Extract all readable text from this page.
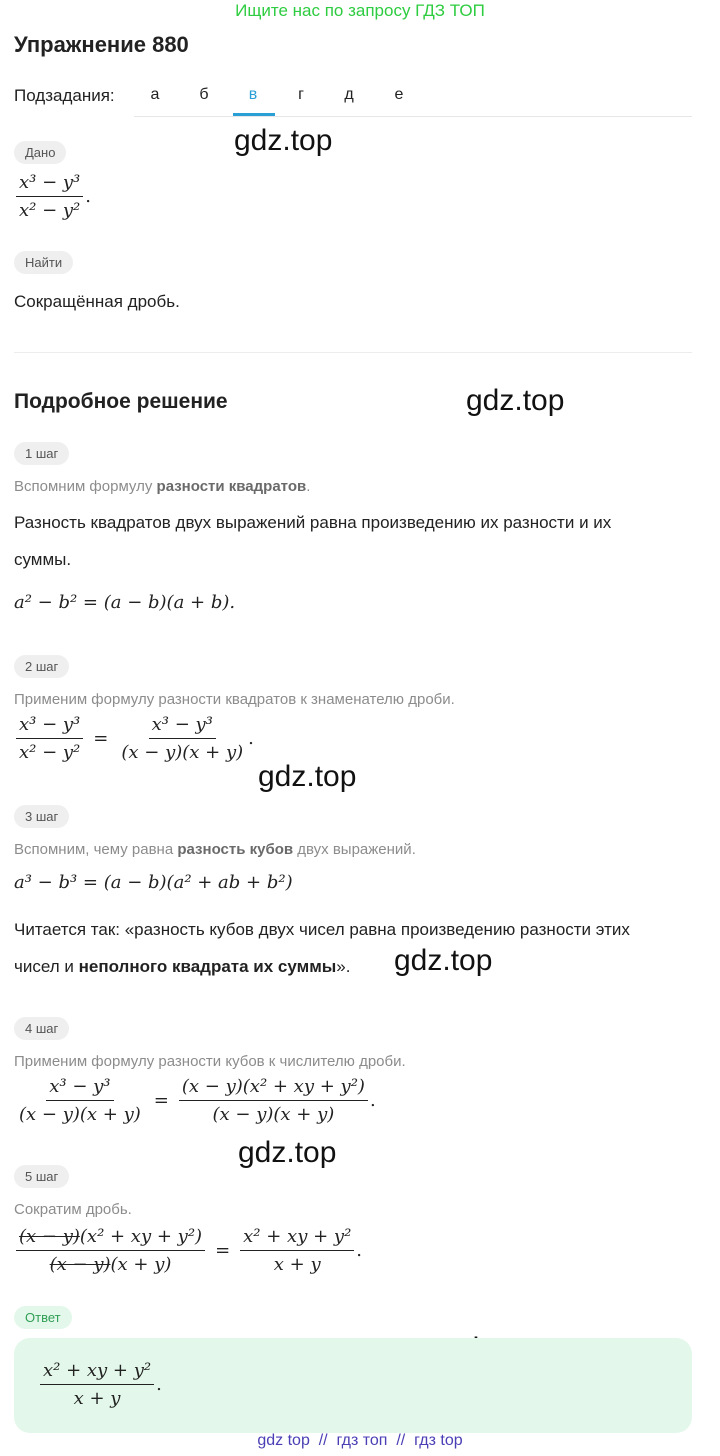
Ищите нас по запросу ГДЗ ТОП
Упражнение 880
Подзадания:	а	б	в	г	д	е
gdz.top
gdz.top
gdz.top
gdz.top
gdz.top
Дано
$\frac{\text{x³ − y³}}{\text{x² − y²}}$ .
Найти
Сокращённая дробь.
Подробное решение
1 шаг
Вспомним формулу разности квадратов.
Разность квадратов двух выражений равна произведению их разности и их
суммы.
a² − b² = (a − b)(a + b).
2 шаг
Применим формулу разности квадратов к знаменателю дроби.
$\frac{\text{x³ − y³}}{\text{x² − y²}} = \frac{\text{x³ − y³}}{(x - y)(x + y)}$ .
3 шаг
Вспомним, чему равна разность кубов двух выражений.
a³ − b³ = (a − b)(a² + ab + b²)
Читается так: «разность кубов двух чисел равна произведению разности этих
чисел и неполного квадрата их суммы».
4 шаг
Применим формулу разности кубов к числителю дроби.
$\frac{\text{x³ − y³}}{(x - y)(x + y)} = \frac{\text{(x − y)(x² + xy + y²)}}{(x - y)(x + y)}$ .
5 шаг
Сократим дробь.
$\frac{\text{(x − y)(x² + xy + y²)}}{(x - y)(x + y)} = \frac{\text{x² + xy + y²}}{x + y}$ .
Ответ
$\frac{\text{x² + xy + y²}}{x + y}$ .
gdz top // гдз топ // гдз top
